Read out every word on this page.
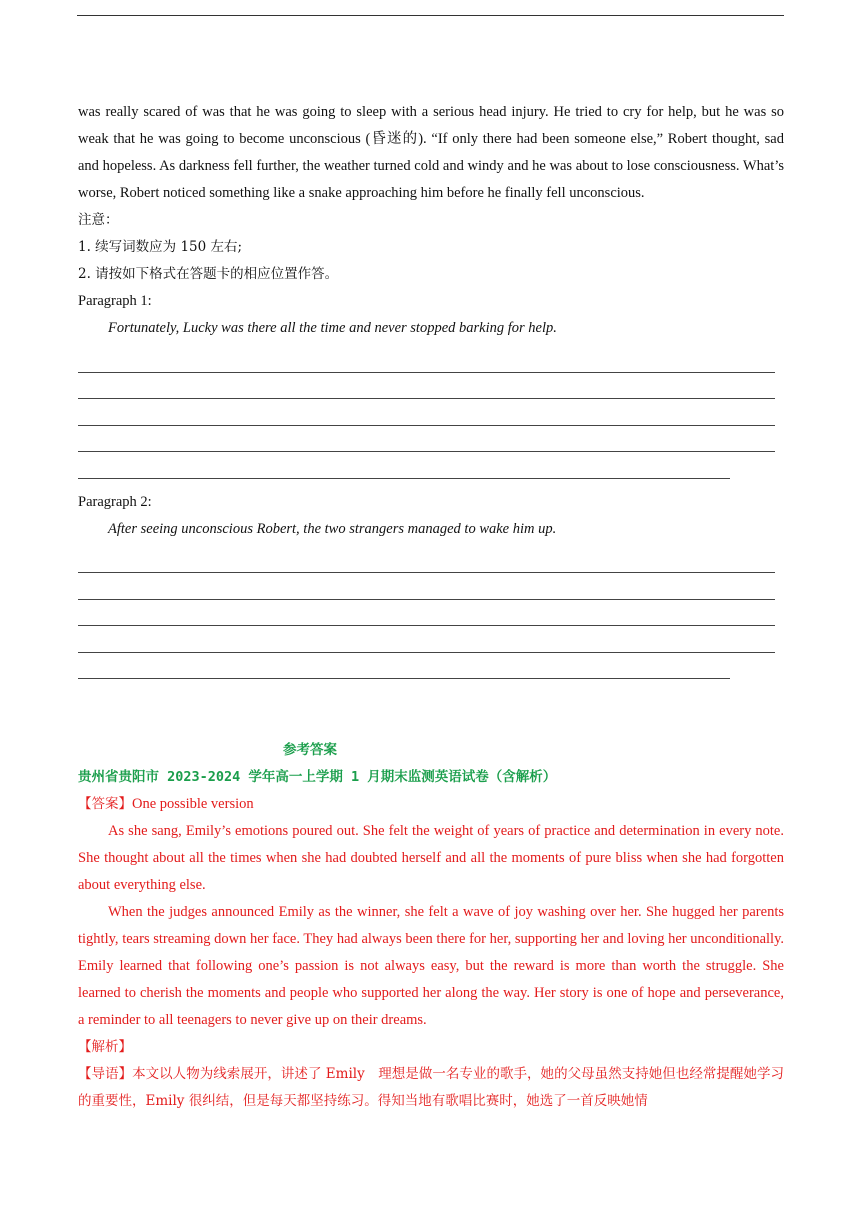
was really scared of was that he was going to sleep with a serious head injury. He tried to cry for help, but he was so weak that he was going to become unconscious (昏迷的). “If only there had been someone else,” Robert thought, sad and hopeless. As darkness fell further, the weather turned cold and windy and he was about to lose consciousness. What’s worse, Robert noticed something like a snake approaching him before he finally fell unconscious.

注意：

1. 续写词数应为 150 左右;

2. 请按如下格式在答题卡的相应位置作答。

Paragraph 1:

Fortunately, Lucky was there all the time and never stopped barking for help.

Paragraph 2:

After seeing unconscious Robert, the two strangers managed to wake him up.

参考答案

贵州省贵阳市 2023-2024 学年高一上学期 1 月期末监测英语试卷（含解析）

【答案】One possible version

As she sang, Emily’s emotions poured out. She felt the weight of years of practice and determination in every note. She thought about all the times when she had doubted herself and all the moments of pure bliss when she had forgotten about everything else.

When the judges announced Emily as the winner, she felt a wave of joy washing over her. She hugged her parents tightly, tears streaming down her face. They had always been there for her, supporting her and loving her unconditionally. Emily learned that following one’s passion is not always easy, but the reward is more than worth the struggle. She learned to cherish the moments and people who supported her along the way. Her story is one of hope and perseverance, a reminder to all teenagers to never give up on their dreams.

【解析】

【导语】本文以人物为线索展开，讲述了 Emily　理想是做一名专业的歌手，她的父母虽然支持她但也经常提醒她学习的重要性，Emily 很纠结，但是每天都坚持练习。得知当地有歌唱比赛时，她选了一首反映她情
